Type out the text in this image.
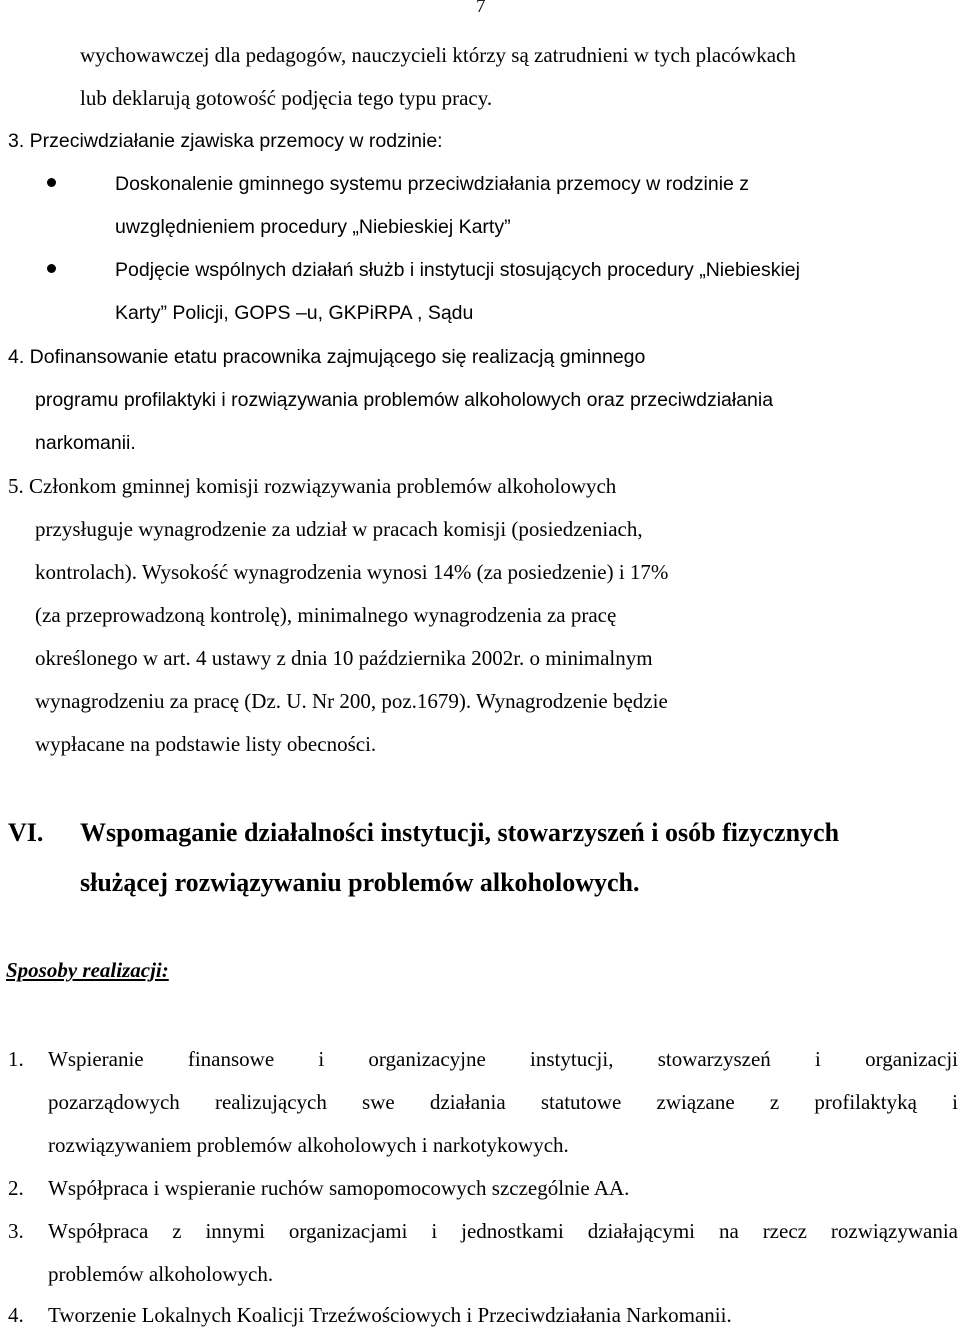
7
wychowawczej dla pedagogów, nauczycieli którzy są zatrudnieni w tych placówkach
lub deklarują gotowość podjęcia tego typu pracy.
3. Przeciwdziałanie zjawiska przemocy w rodzinie:
Doskonalenie gminnego systemu przeciwdziałania przemocy w rodzinie z
uwzględnieniem procedury „Niebieskiej Karty”
Podjęcie wspólnych działań służb i instytucji stosujących procedury „Niebieskiej
Karty” Policji, GOPS –u, GKPiRPA , Sądu
4. Dofinansowanie etatu pracownika zajmującego się realizacją gminnego
programu profilaktyki i rozwiązywania problemów alkoholowych oraz przeciwdziałania
narkomanii.
5. Członkom gminnej komisji rozwiązywania problemów alkoholowych
przysługuje wynagrodzenie za udział w pracach komisji (posiedzeniach,
kontrolach). Wysokość wynagrodzenia wynosi 14% (za posiedzenie) i 17%
(za przeprowadzoną kontrolę), minimalnego wynagrodzenia za pracę
określonego w art. 4 ustawy z dnia 10 października 2002r. o minimalnym
wynagrodzeniu za pracę (Dz. U. Nr 200, poz.1679). Wynagrodzenie będzie
wypłacane na podstawie listy obecności.
VI. Wspomaganie działalności instytucji, stowarzyszeń i osób fizycznych
służącej rozwiązywaniu problemów alkoholowych.
Sposoby realizacji:
1. Wspieranie finansowe i organizacyjne instytucji, stowarzyszeń i organizacji
pozarządowych realizujących swe działania statutowe związane z profilaktyką i
rozwiązywaniem problemów alkoholowych i narkotykowych.
2. Współpraca i wspieranie ruchów samopomocowych szczególnie AA.
3. Współpraca z innymi organizacjami i jednostkami działającymi na rzecz rozwiązywania
problemów alkoholowych.
4. Tworzenie Lokalnych Koalicji Trzeźwościowych i Przeciwdziałania Narkomanii.
